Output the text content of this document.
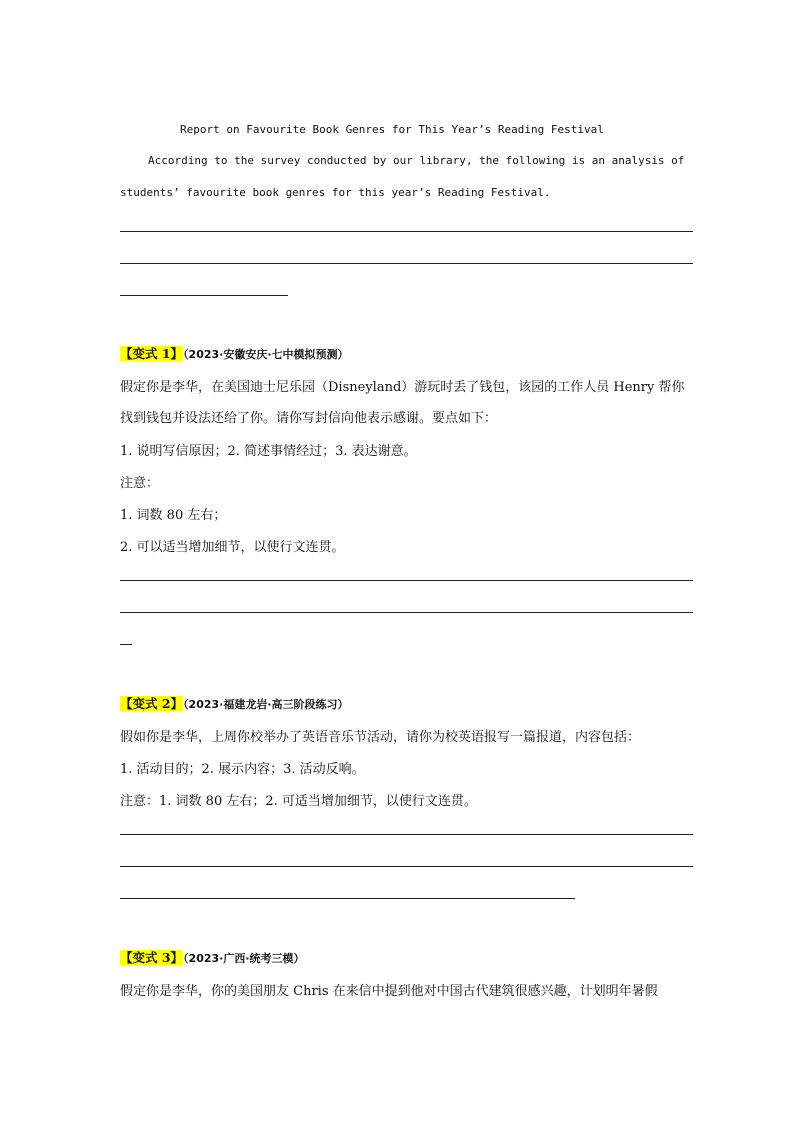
Report on Favourite Book Genres for This Year’s Reading Festival
According to the survey conducted by our library, the following is an analysis of
students’ favourite book genres for this year’s Reading Festival.
【变式 1】（2023·安徽安庆·七中模拟预测）
假定你是李华，在美国迪士尼乐园（Disneyland）游玩时丢了钱包，该园的工作人员 Henry 帮你
找到钱包并设法还给了你。请你写封信向他表示感谢。要点如下：
1. 说明写信原因；2. 简述事情经过；3. 表达谢意。
注意：
1. 词数 80 左右；
2. 可以适当增加细节，以使行文连贯。
【变式 2】（2023·福建龙岩·高三阶段练习）
假如你是李华，上周你校举办了英语音乐节活动，请你为校英语报写一篇报道，内容包括：
1. 活动目的；2. 展示内容；3. 活动反响。
注意：1. 词数 80 左右；2. 可适当增加细节，以使行文连贯。
【变式 3】（2023·广西·统考三模）
假定你是李华，你的美国朋友 Chris 在来信中提到他对中国古代建筑很感兴趣，计划明年暑假
